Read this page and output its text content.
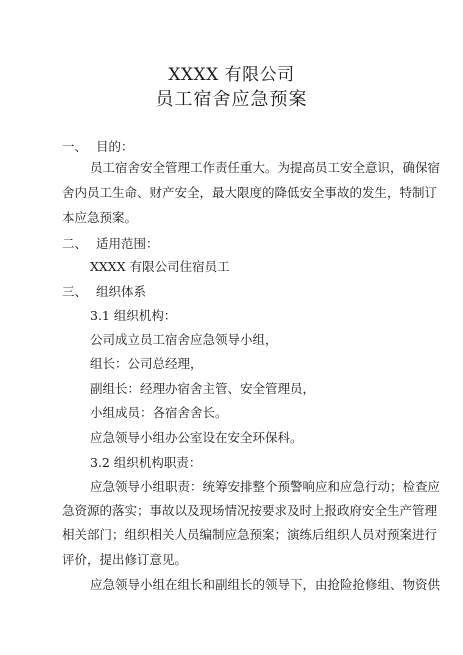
XXXX 有限公司
员工宿舍应急预案
一、 目的：
员工宿舍安全管理工作责任重大。为提高员工安全意识，确保宿
舍内员工生命、财产安全，最大限度的降低安全事故的发生，特制订
本应急预案。
二、 适用范围：
XXXX 有限公司住宿员工
三、 组织体系
3.1 组织机构：
公司成立员工宿舍应急领导小组，
组长：公司总经理，
副组长：经理办宿舍主管、安全管理员，
小组成员：各宿舍舍长。
应急领导小组办公室设在安全环保科。
3.2 组织机构职责：
应急领导小组职责：统筹安排整个预警响应和应急行动；检查应
急资源的落实；事故以及现场情况按要求及时上报政府安全生产管理
相关部门；组织相关人员编制应急预案；演练后组织人员对预案进行
评价，提出修订意见。
应急领导小组在组长和副组长的领导下，由抢险抢修组、物资供
